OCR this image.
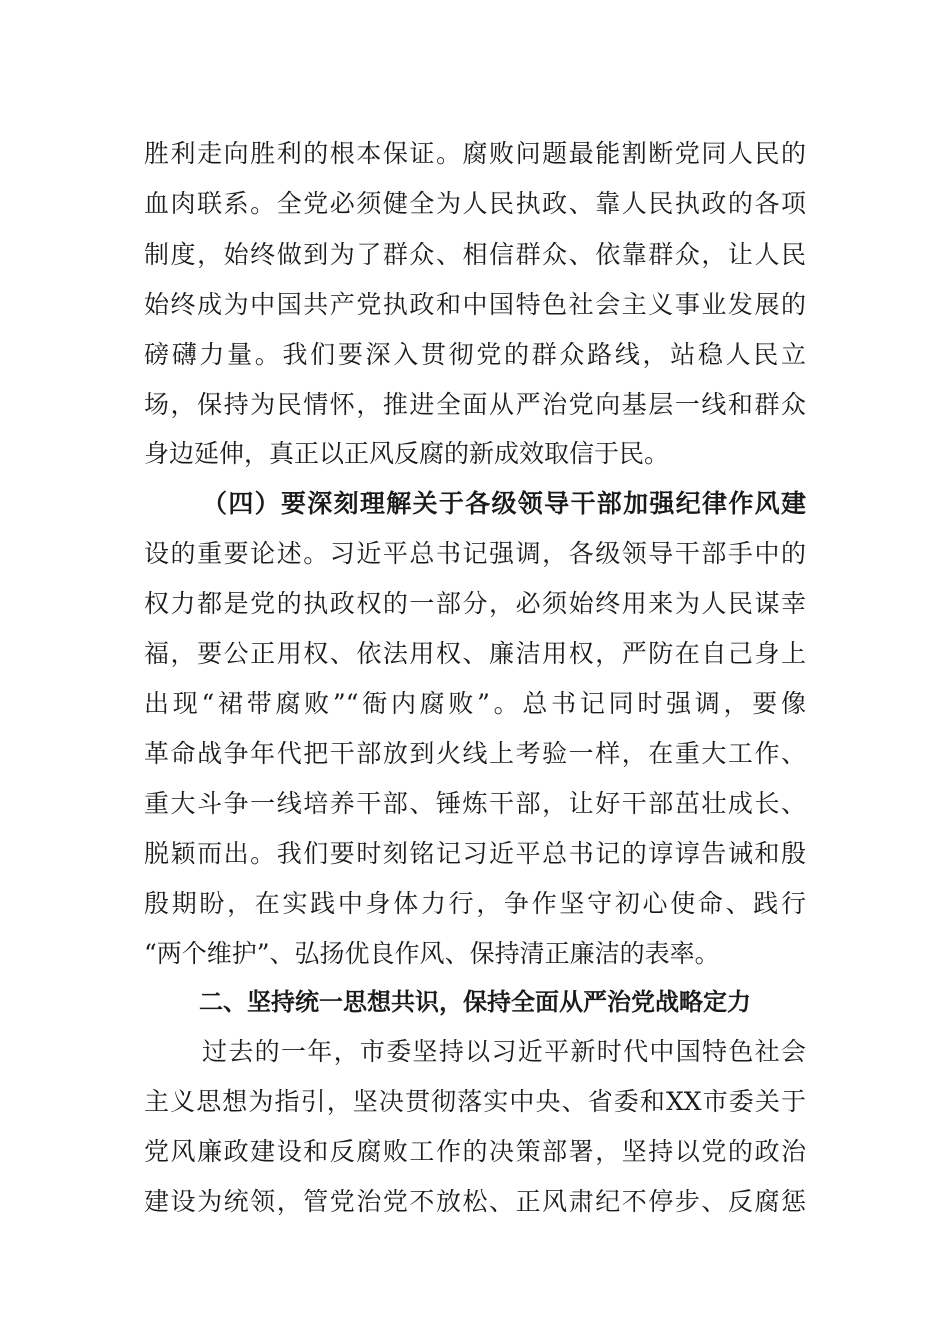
胜利走向胜利的根本保证。腐败问题最能割断党同人民的
血肉联系。全党必须健全为人民执政、靠人民执政的各项
制度，始终做到为了群众、相信群众、依靠群众，让人民
始终成为中国共产党执政和中国特色社会主义事业发展的
磅礴力量。我们要深入贯彻党的群众路线，站稳人民立
场，保持为民情怀，推进全面从严治党向基层一线和群众
身边延伸，真正以正风反腐的新成效取信于民。
（四）要深刻理解关于各级领导干部加强纪律作风建
设的重要论述。习近平总书记强调，各级领导干部手中的
权力都是党的执政权的一部分，必须始终用来为人民谋幸
福，要公正用权、依法用权、廉洁用权，严防在自己身上
出现“裙带腐败”“衙内腐败”。总书记同时强调，要像
革命战争年代把干部放到火线上考验一样，在重大工作、
重大斗争一线培养干部、锤炼干部，让好干部茁壮成长、
脱颖而出。我们要时刻铭记习近平总书记的谆谆告诫和殷
殷期盼，在实践中身体力行，争作坚守初心使命、践行
“两个维护”、弘扬优良作风、保持清正廉洁的表率。
二、坚持统一思想共识，保持全面从严治党战略定力
过去的一年，市委坚持以习近平新时代中国特色社会
主义思想为指引，坚决贯彻落实中央、省委和XX市委关于
党风廉政建设和反腐败工作的决策部署，坚持以党的政治
建设为统领，管党治党不放松、正风肃纪不停步、反腐惩
